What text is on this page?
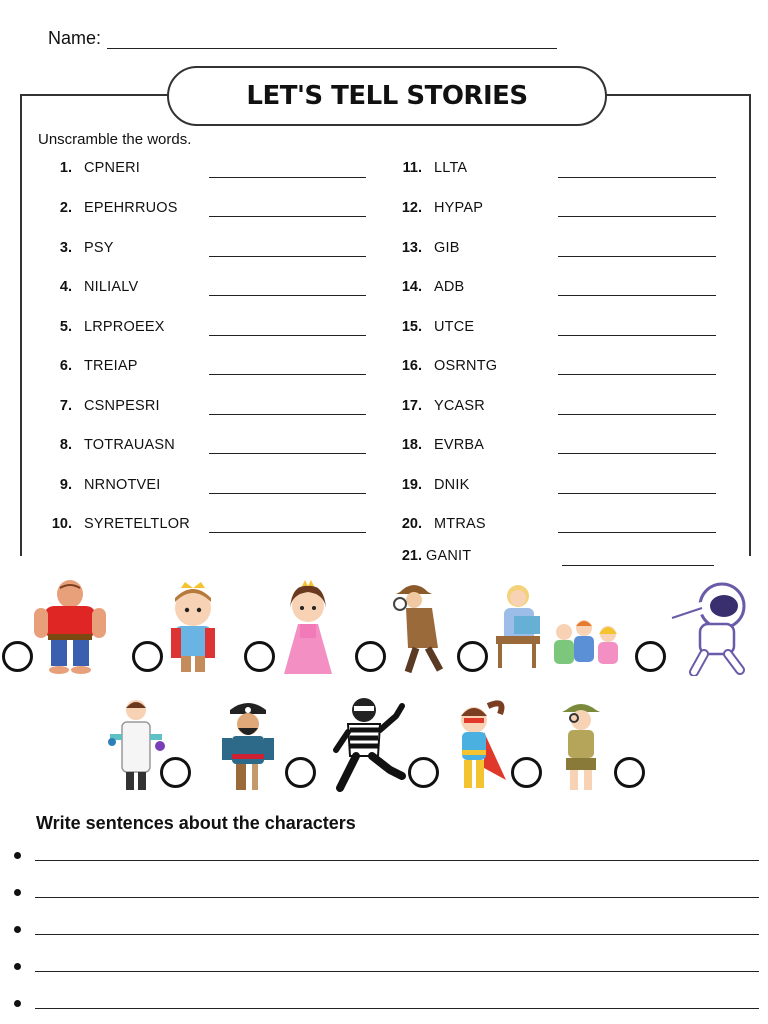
Name:
LET'S TELL STORIES
Unscramble the words.
1. CPNERI
2. EPEHRRUOS
3. PSY
4. NILIALV
5. LRPROEEX
6. TREIAP
7. CSNPESRI
8. TOTRAUASN
9. NRNOTVEI
10. SYRETELTLOR
11. LLTA
12. HYPAP
13. GIB
14. ADB
15. UTCE
16. OSRNTG
17. YCASR
18. EVRBA
19. DNIK
20. MTRAS
21. GANIT
Write sentences about the characters
